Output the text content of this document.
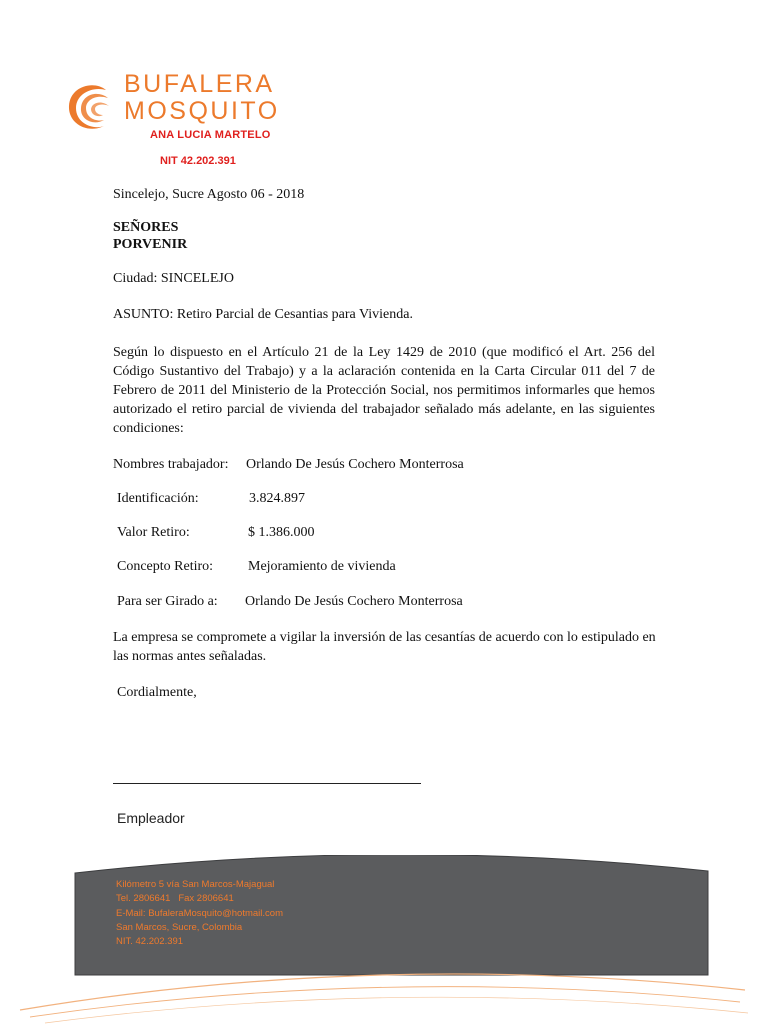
BUFALERA
MOSQUITO
ANA LUCIA MARTELO
NIT 42.202.391
Sincelejo, Sucre Agosto 06 - 2018
SEÑORES
PORVENIR
Ciudad: SINCELEJO
ASUNTO: Retiro Parcial de Cesantias para Vivienda.
Según lo dispuesto en el Artículo 21 de la Ley 1429 de 2010 (que modificó el Art. 256 del Código Sustantivo del Trabajo) y a la aclaración contenida en la Carta Circular 011 del 7 de Febrero de 2011 del Ministerio de la Protección Social, nos permitimos informarles que hemos autorizado el retiro parcial de vivienda del trabajador señalado más adelante, en las siguientes condiciones:
Nombres trabajador: Orlando De Jesús Cochero Monterrosa
Identificación:	3.824.897
Valor Retiro:	$ 1.386.000
Concepto Retiro: Mejoramiento de vivienda
Para ser Girado a: Orlando De Jesús Cochero Monterrosa
La empresa se compromete a vigilar la inversión de las cesantías de acuerdo con lo estipulado en las normas antes señaladas.
Cordialmente,
Empleador
Kilómetro 5 vía San Marcos-Majagual
Tel. 2806641   Fax 2806641
E-Mail: BufaleraMosquito@hotmail.com
San Marcos, Sucre, Colombia
NIT. 42.202.391
